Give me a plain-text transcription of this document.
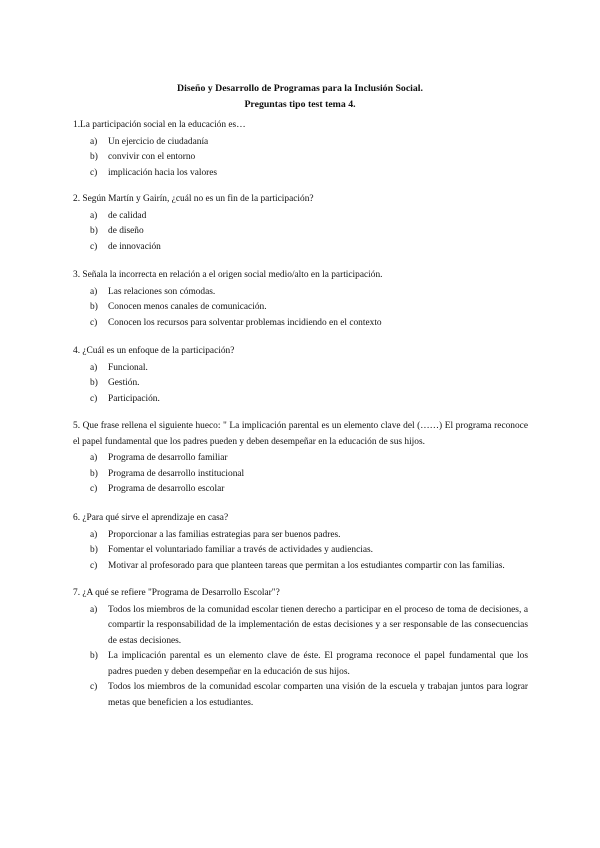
Diseño y Desarrollo de Programas para la Inclusión Social.
Preguntas tipo test tema 4.

1.La participación social en la educación es…

a) Un ejercicio de ciudadanía
b) convivir con el entorno
c) implicación hacia los valores

2. Según Martín y Gairín, ¿cuál no es un fin de la participación?

a) de calidad
b) de diseño
c) de innovación

3. Señala la incorrecta en relación a el origen social medio/alto en la participación.

a) Las relaciones son cómodas.
b) Conocen menos canales de comunicación.
c) Conocen los recursos para solventar problemas incidiendo en el contexto

4. ¿Cuál es un enfoque de la participación?

a) Funcional.
b) Gestión.
c) Participación.

5. Que frase rellena el siguiente hueco: " La implicación parental es un elemento clave del (……) El programa reconoce el papel fundamental que los padres pueden y deben desempeñar en la educación de sus hijos.

a) Programa de desarrollo familiar
b) Programa de desarrollo institucional
c) Programa de desarrollo escolar

6. ¿Para qué sirve el aprendizaje en casa?

a) Proporcionar a las familias estrategias para ser buenos padres.
b) Fomentar el voluntariado familiar a través de actividades y audiencias.
c) Motivar al profesorado para que planteen tareas que permitan a los estudiantes compartir con las familias.

7. ¿A qué se refiere "Programa de Desarrollo Escolar"?

a) Todos los miembros de la comunidad escolar tienen derecho a participar en el proceso de toma de decisiones, a compartir la responsabilidad de la implementación de estas decisiones y a ser responsable de las consecuencias de estas decisiones.
b) La implicación parental es un elemento clave de éste. El programa reconoce el papel fundamental que los padres pueden y deben desempeñar en la educación de sus hijos.
c) Todos los miembros de la comunidad escolar comparten una visión de la escuela y trabajan juntos para lograr metas que beneficien a los estudiantes.
